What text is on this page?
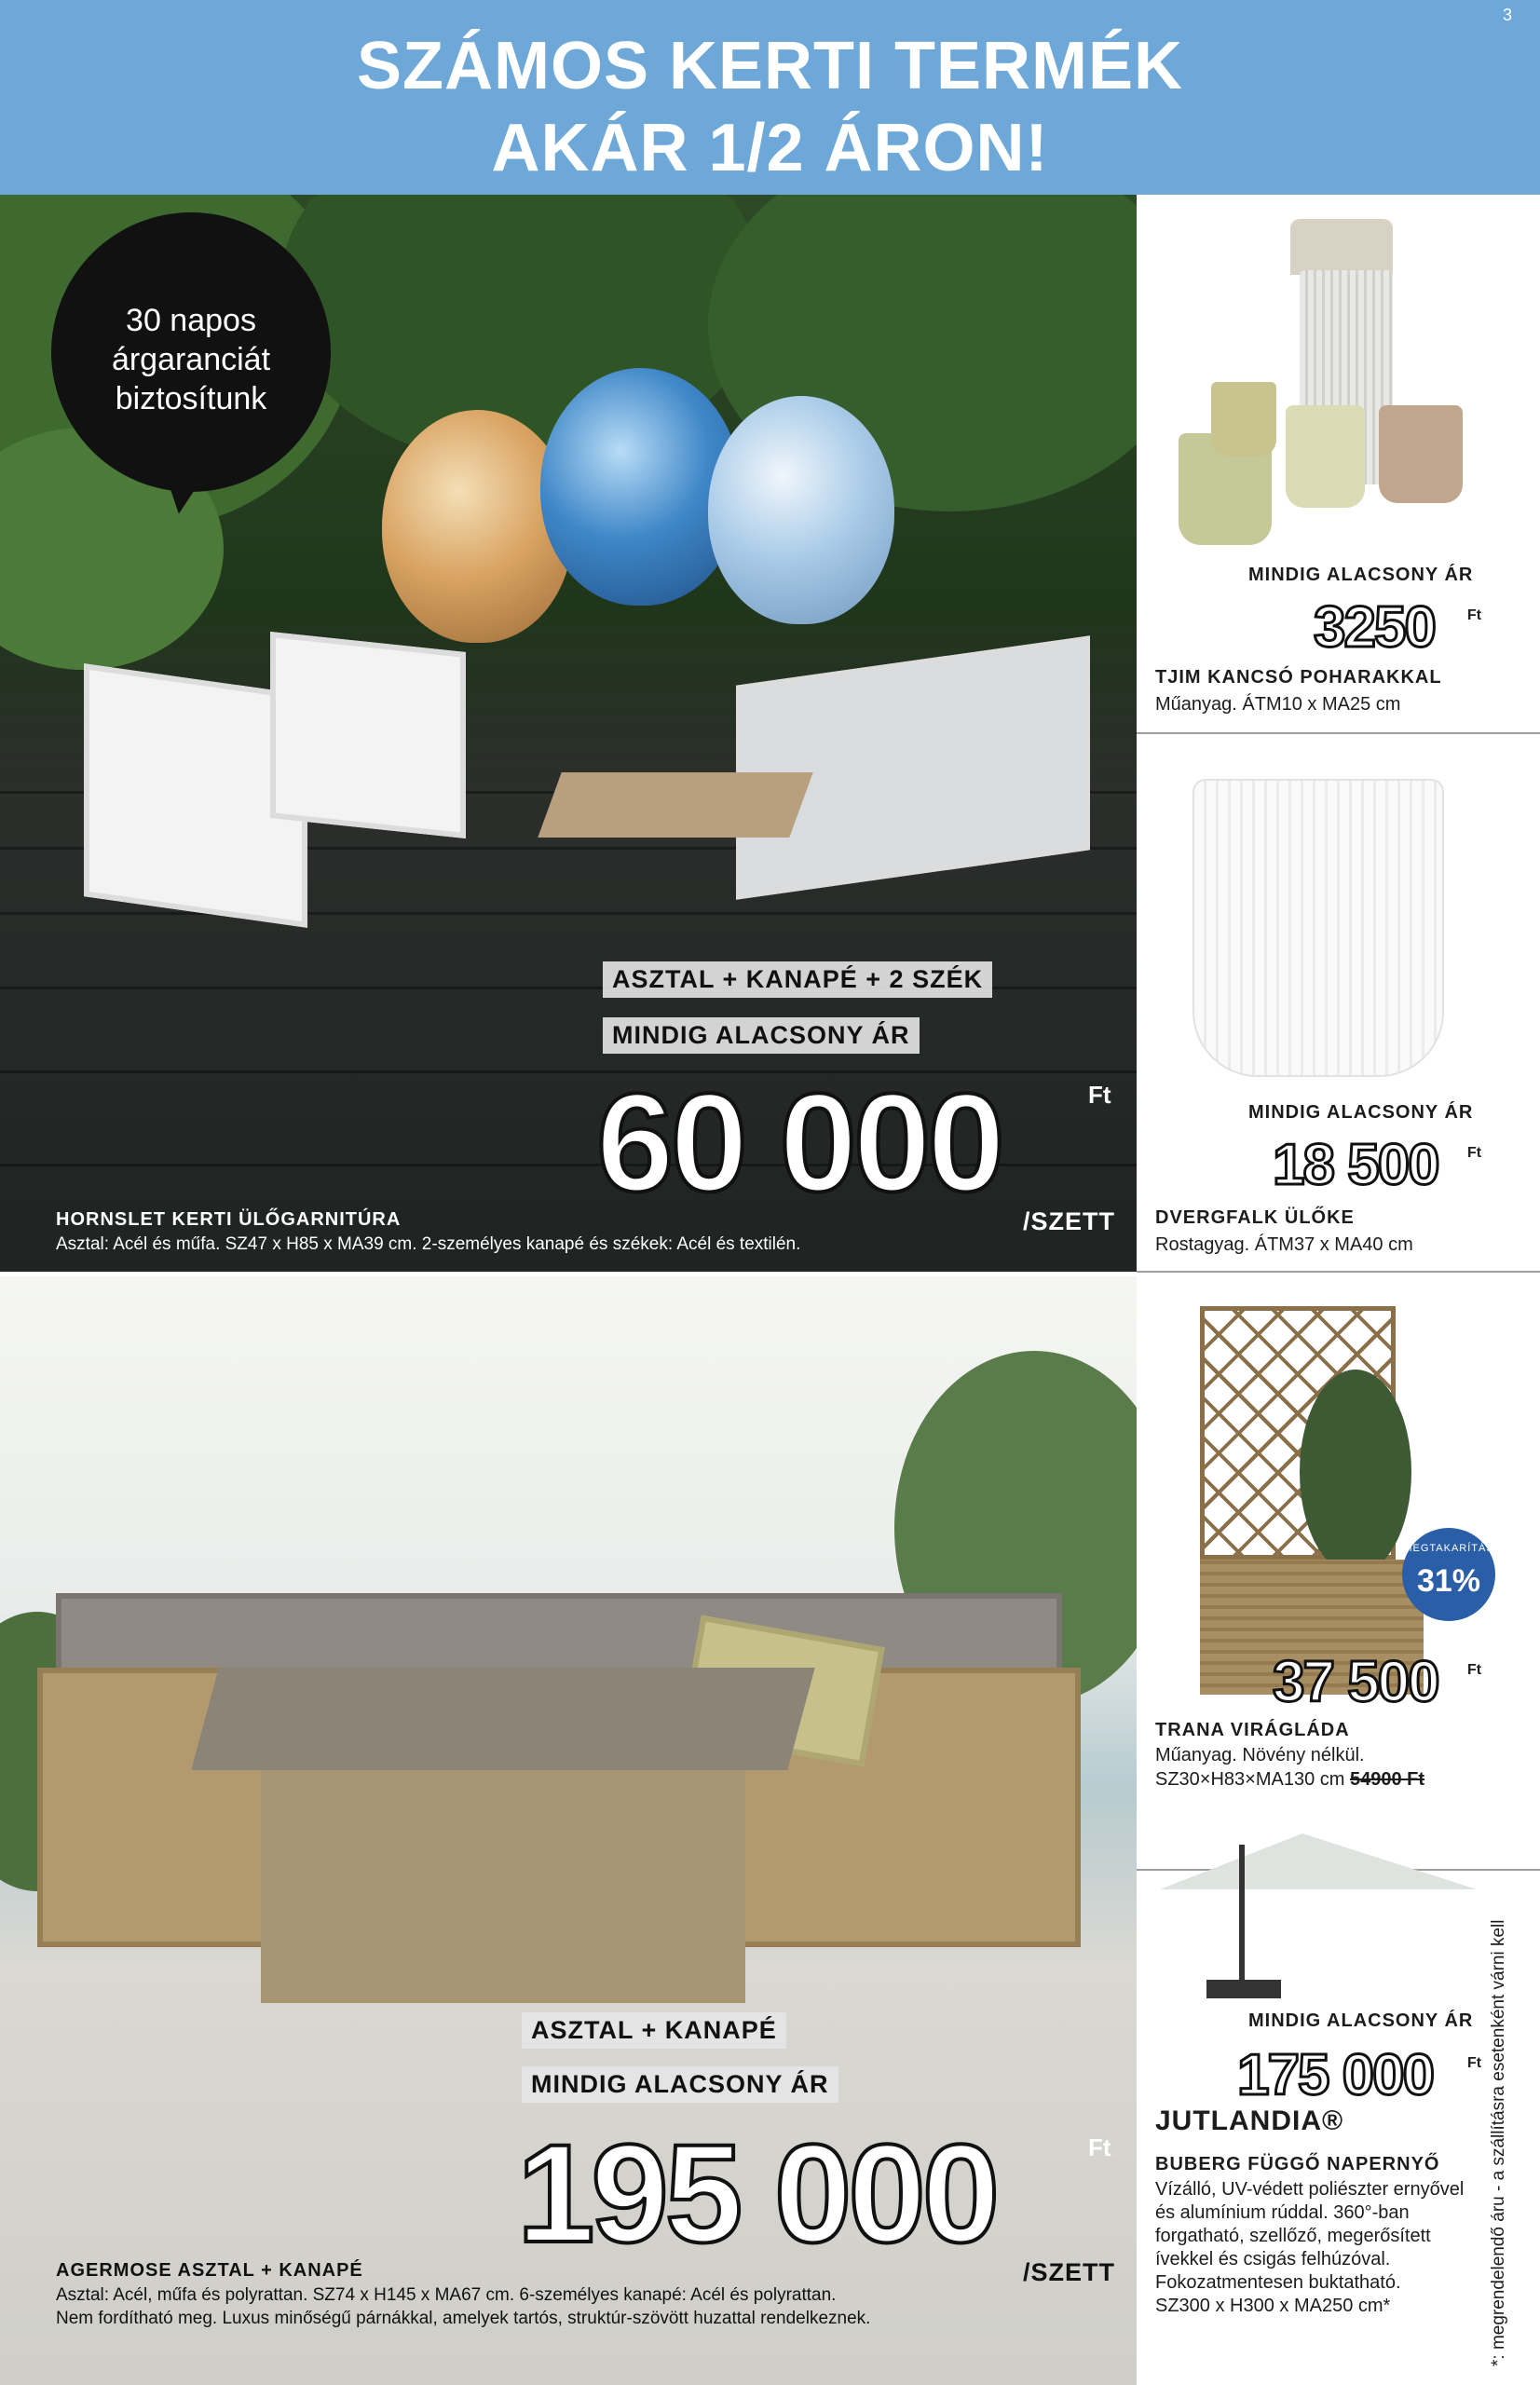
3
SZÁMOS KERTI TERMÉK
AKÁR 1/2 ÁRON!
30 napos
árgaranciát
biztosítunk
ASZTAL + KANAPÉ + 2 SZÉK
MINDIG ALACSONY ÁR
60 000	Ft
/SZETT
HORNSLET KERTI ÜLŐGARNITÚRA
Asztal: Acél és műfa. SZ47 x H85 x MA39 cm. 2-személyes kanapé és székek: Acél és textilén.
ASZTAL + KANAPÉ
MINDIG ALACSONY ÁR
195 000	Ft
/SZETT
AGERMOSE ASZTAL + KANAPÉ
Asztal: Acél, műfa és polyrattan. SZ74 x H145 x MA67 cm. 6-személyes kanapé: Acél és polyrattan.
Nem fordítható meg. Luxus minőségű párnákkal, amelyek tartós, struktúr-szövött huzattal rendelkeznek.
MINDIG ALACSONY ÁR
3250 Ft
TJIM KANCSÓ POHARAKKAL
Műanyag. ÁTM10 x MA25 cm
MINDIG ALACSONY ÁR
18 500 Ft
DVERGFALK ÜLŐKE
Rostagyag. ÁTM37 x MA40 cm
MEGTAKARÍTÁS
31%
37 500 Ft
TRANA VIRÁGLÁDA
Műanyag. Növény nélkül.
SZ30×H83×MA130 cm 54900 Ft
MINDIG ALACSONY ÁR
175 000 Ft
JUTLANDIA®
BUBERG FÜGGŐ NAPERNYŐ
Vízálló, UV-védett poliészter ernyővel
és alumínium rúddal. 360°-ban
forgatható, szellőző, megerősített
ívekkel és csigás felhúzóval.
Fokozatmentesen buktatható.
SZ300 x H300 x MA250 cm*	*: megrendelendő áru - a szállításra esetenként várni kell
